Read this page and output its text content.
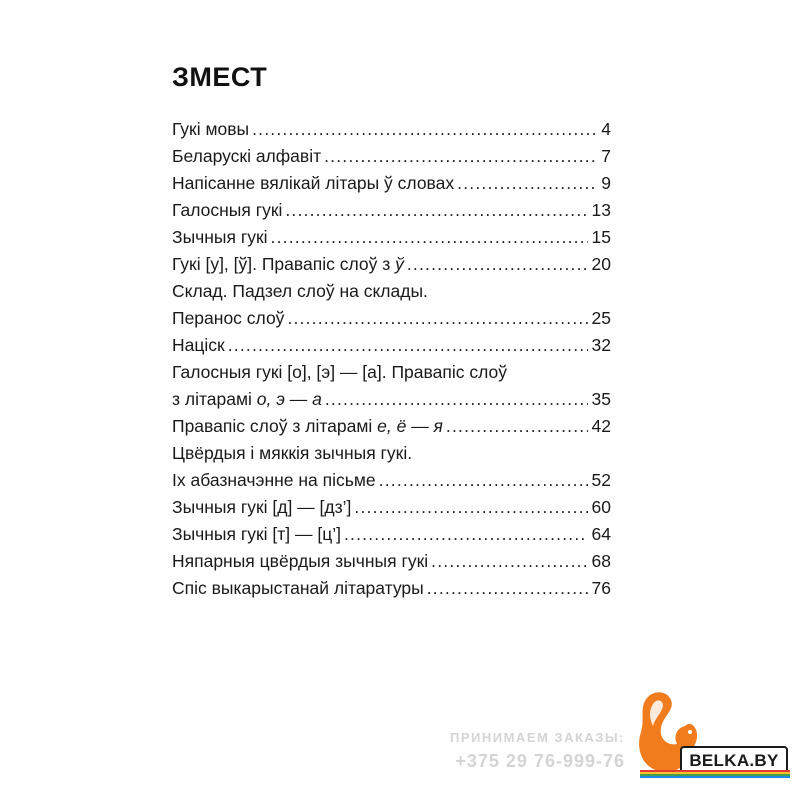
ЗМЕСТ
Гукі мовы .....	4
Беларускі алфавіт .....	7
Напісанне вялікай літары ў словах .....	9
Галосныя гукі .....	13
Зычныя гукі .....	15
Гукі [у], [ў]. Правапіс слоў з ў .....	20
Склад. Падзел слоў на склады.
Перанос слоў .....	25
Націск .....	32
Галосныя гукі [о], [э] — [а]. Правапіс слоў
з літарамі о, э — а .....	35
Правапіс слоў з літарамі е, ё — я .....	42
Цвёрдыя і мяккія зычныя гукі.
Іх абазначэнне на пісьме .....	52
Зычныя гукі [д] — [дз’] .....	60
Зычныя гукі [т] — [ц’] .....	64
Няпарныя цвёрдыя зычныя гукі .....	68
Спіс выкарыстанай літаратуры .....	76
ПРИНИМАЕМ ЗАКАЗЫ:
+375 29 76-999-76	BELKA.BY
